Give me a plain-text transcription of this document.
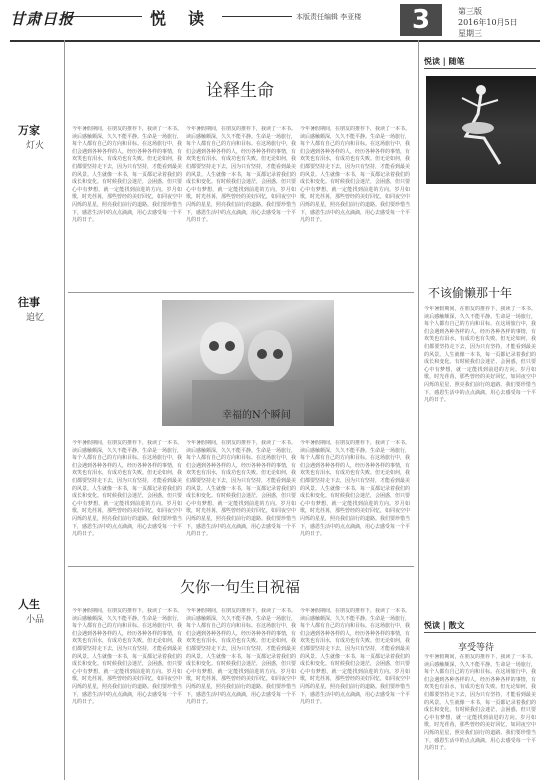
甘肃日报	悦读	本版责任编辑 李亚楼	3	第三版
2016年10月5日
星期三
万家
灯火
往事
追忆
人生
小品
诠释生命
今年暑假期间，在朋友的推荐下，我读了一本书。读后感触颇深，久久不能平静。生命是一场旅行，每个人都有自己的方向和目标。在这场旅行中，我们会遇到各种各样的人，经历各种各样的事情，有欢笑也有泪水，有成功也有失败。但无论如何，我们都要坚持走下去，因为只有坚持，才能看到最美的风景。人生就像一本书，每一页都记录着我们的成长和变化。有时候我们会迷茫，会困惑，但只要心中有梦想，就一定能找到前进的方向。岁月如歌，时光荏苒，那些曾经的美好回忆，如同夜空中闪烁的星星，照亮我们前行的道路。我们要珍惜当下，感恩生活中的点点滴滴，用心去感受每一个平凡的日子。
今年暑假期间，在朋友的推荐下，我读了一本书。读后感触颇深，久久不能平静。生命是一场旅行，每个人都有自己的方向和目标。在这场旅行中，我们会遇到各种各样的人，经历各种各样的事情，有欢笑也有泪水，有成功也有失败。但无论如何，我们都要坚持走下去，因为只有坚持，才能看到最美的风景。人生就像一本书，每一页都记录着我们的成长和变化。有时候我们会迷茫，会困惑，但只要心中有梦想，就一定能找到前进的方向。岁月如歌，时光荏苒，那些曾经的美好回忆，如同夜空中闪烁的星星，照亮我们前行的道路。我们要珍惜当下，感恩生活中的点点滴滴，用心去感受每一个平凡的日子。
今年暑假期间，在朋友的推荐下，我读了一本书。读后感触颇深，久久不能平静。生命是一场旅行，每个人都有自己的方向和目标。在这场旅行中，我们会遇到各种各样的人，经历各种各样的事情，有欢笑也有泪水，有成功也有失败。但无论如何，我们都要坚持走下去，因为只有坚持，才能看到最美的风景。人生就像一本书，每一页都记录着我们的成长和变化。有时候我们会迷茫，会困惑，但只要心中有梦想，就一定能找到前进的方向。岁月如歌，时光荏苒，那些曾经的美好回忆，如同夜空中闪烁的星星，照亮我们前行的道路。我们要珍惜当下，感恩生活中的点点滴滴，用心去感受每一个平凡的日子。
幸福的N个瞬间
今年暑假期间，在朋友的推荐下，我读了一本书。读后感触颇深，久久不能平静。生命是一场旅行，每个人都有自己的方向和目标。在这场旅行中，我们会遇到各种各样的人，经历各种各样的事情，有欢笑也有泪水，有成功也有失败。但无论如何，我们都要坚持走下去，因为只有坚持，才能看到最美的风景。人生就像一本书，每一页都记录着我们的成长和变化。有时候我们会迷茫，会困惑，但只要心中有梦想，就一定能找到前进的方向。岁月如歌，时光荏苒，那些曾经的美好回忆，如同夜空中闪烁的星星，照亮我们前行的道路。我们要珍惜当下，感恩生活中的点点滴滴，用心去感受每一个平凡的日子。
今年暑假期间，在朋友的推荐下，我读了一本书。读后感触颇深，久久不能平静。生命是一场旅行，每个人都有自己的方向和目标。在这场旅行中，我们会遇到各种各样的人，经历各种各样的事情，有欢笑也有泪水，有成功也有失败。但无论如何，我们都要坚持走下去，因为只有坚持，才能看到最美的风景。人生就像一本书，每一页都记录着我们的成长和变化。有时候我们会迷茫，会困惑，但只要心中有梦想，就一定能找到前进的方向。岁月如歌，时光荏苒，那些曾经的美好回忆，如同夜空中闪烁的星星，照亮我们前行的道路。我们要珍惜当下，感恩生活中的点点滴滴，用心去感受每一个平凡的日子。
今年暑假期间，在朋友的推荐下，我读了一本书。读后感触颇深，久久不能平静。生命是一场旅行，每个人都有自己的方向和目标。在这场旅行中，我们会遇到各种各样的人，经历各种各样的事情，有欢笑也有泪水，有成功也有失败。但无论如何，我们都要坚持走下去，因为只有坚持，才能看到最美的风景。人生就像一本书，每一页都记录着我们的成长和变化。有时候我们会迷茫，会困惑，但只要心中有梦想，就一定能找到前进的方向。岁月如歌，时光荏苒，那些曾经的美好回忆，如同夜空中闪烁的星星，照亮我们前行的道路。我们要珍惜当下，感恩生活中的点点滴滴，用心去感受每一个平凡的日子。
欠你一句生日祝福
今年暑假期间，在朋友的推荐下，我读了一本书。读后感触颇深，久久不能平静。生命是一场旅行，每个人都有自己的方向和目标。在这场旅行中，我们会遇到各种各样的人，经历各种各样的事情，有欢笑也有泪水，有成功也有失败。但无论如何，我们都要坚持走下去，因为只有坚持，才能看到最美的风景。人生就像一本书，每一页都记录着我们的成长和变化。有时候我们会迷茫，会困惑，但只要心中有梦想，就一定能找到前进的方向。岁月如歌，时光荏苒，那些曾经的美好回忆，如同夜空中闪烁的星星，照亮我们前行的道路。我们要珍惜当下，感恩生活中的点点滴滴，用心去感受每一个平凡的日子。
今年暑假期间，在朋友的推荐下，我读了一本书。读后感触颇深，久久不能平静。生命是一场旅行，每个人都有自己的方向和目标。在这场旅行中，我们会遇到各种各样的人，经历各种各样的事情，有欢笑也有泪水，有成功也有失败。但无论如何，我们都要坚持走下去，因为只有坚持，才能看到最美的风景。人生就像一本书，每一页都记录着我们的成长和变化。有时候我们会迷茫，会困惑，但只要心中有梦想，就一定能找到前进的方向。岁月如歌，时光荏苒，那些曾经的美好回忆，如同夜空中闪烁的星星，照亮我们前行的道路。我们要珍惜当下，感恩生活中的点点滴滴，用心去感受每一个平凡的日子。
今年暑假期间，在朋友的推荐下，我读了一本书。读后感触颇深，久久不能平静。生命是一场旅行，每个人都有自己的方向和目标。在这场旅行中，我们会遇到各种各样的人，经历各种各样的事情，有欢笑也有泪水，有成功也有失败。但无论如何，我们都要坚持走下去，因为只有坚持，才能看到最美的风景。人生就像一本书，每一页都记录着我们的成长和变化。有时候我们会迷茫，会困惑，但只要心中有梦想，就一定能找到前进的方向。岁月如歌，时光荏苒，那些曾经的美好回忆，如同夜空中闪烁的星星，照亮我们前行的道路。我们要珍惜当下，感恩生活中的点点滴滴，用心去感受每一个平凡的日子。
悦读 | 随笔
不该偷懒那十年
今年暑假期间，在朋友的推荐下，我读了一本书。读后感触颇深，久久不能平静。生命是一场旅行，每个人都有自己的方向和目标。在这场旅行中，我们会遇到各种各样的人，经历各种各样的事情，有欢笑也有泪水，有成功也有失败。但无论如何，我们都要坚持走下去，因为只有坚持，才能看到最美的风景。人生就像一本书，每一页都记录着我们的成长和变化。有时候我们会迷茫，会困惑，但只要心中有梦想，就一定能找到前进的方向。岁月如歌，时光荏苒，那些曾经的美好回忆，如同夜空中闪烁的星星，照亮我们前行的道路。我们要珍惜当下，感恩生活中的点点滴滴，用心去感受每一个平凡的日子。
悦读 | 散文
享受等待
今年暑假期间，在朋友的推荐下，我读了一本书。读后感触颇深，久久不能平静。生命是一场旅行，每个人都有自己的方向和目标。在这场旅行中，我们会遇到各种各样的人，经历各种各样的事情，有欢笑也有泪水，有成功也有失败。但无论如何，我们都要坚持走下去，因为只有坚持，才能看到最美的风景。人生就像一本书，每一页都记录着我们的成长和变化。有时候我们会迷茫，会困惑，但只要心中有梦想，就一定能找到前进的方向。岁月如歌，时光荏苒，那些曾经的美好回忆，如同夜空中闪烁的星星，照亮我们前行的道路。我们要珍惜当下，感恩生活中的点点滴滴，用心去感受每一个平凡的日子。
